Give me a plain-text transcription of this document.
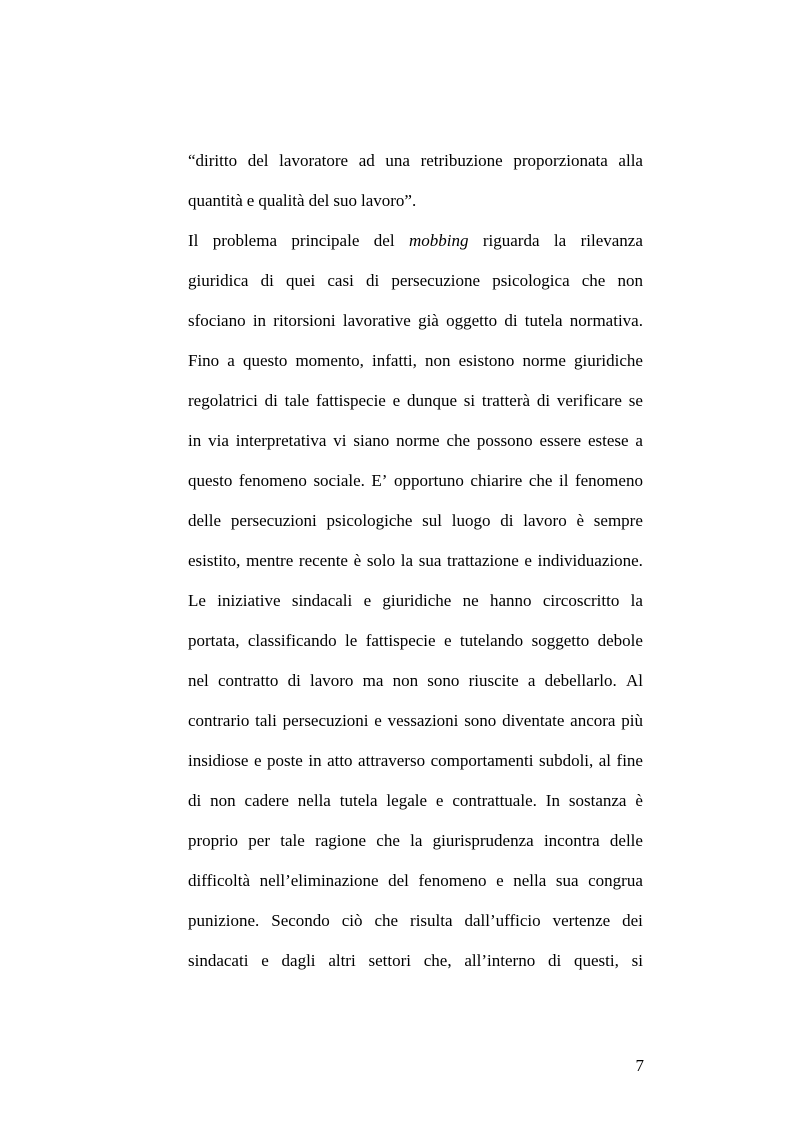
“diritto del lavoratore ad una retribuzione proporzionata alla
quantità e qualità del suo lavoro”.
Il problema principale del mobbing riguarda la rilevanza
giuridica di quei casi di persecuzione psicologica che non
sfociano in ritorsioni lavorative già oggetto di tutela normativa.
Fino a questo momento, infatti, non esistono norme giuridiche
regolatrici di tale fattispecie e dunque si tratterà di verificare se
in via interpretativa vi siano norme che possono essere estese a
questo fenomeno sociale. E’ opportuno chiarire che il fenomeno
delle persecuzioni psicologiche sul luogo di lavoro è sempre
esistito, mentre recente è solo la sua trattazione e individuazione.
Le iniziative sindacali e giuridiche ne hanno circoscritto la
portata, classificando le fattispecie e tutelando soggetto debole
nel contratto di lavoro ma non sono riuscite a debellarlo. Al
contrario tali persecuzioni e vessazioni sono diventate ancora più
insidiose e poste in atto attraverso comportamenti subdoli, al fine
di non cadere nella tutela legale e contrattuale. In sostanza è
proprio per tale ragione che la giurisprudenza incontra delle
difficoltà nell’eliminazione del fenomeno e nella sua congrua
punizione. Secondo ciò che risulta dall’ufficio vertenze dei
sindacati e dagli altri settori che, all’interno di questi, si
7
